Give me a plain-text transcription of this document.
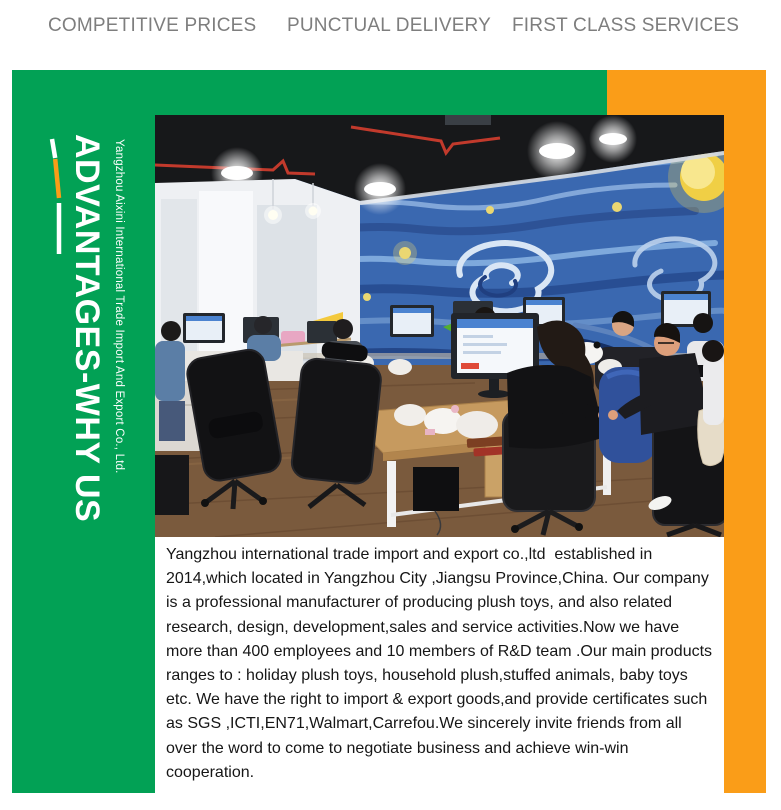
COMPETITIVE PRICES PUNCTUAL DELIVERY FIRST CLASS SERVICES
ADVANTAGES-WHY US Yangzhou Aixini International Trade Import And Export Co., Ltd.
Yangzhou international trade import and export co.,ltd  established in
2014,which located in Yangzhou City ,Jiangsu Province,China. Our company
is a professional manufacturer of producing plush toys, and also related
research, design, development,sales and service activities.Now we have
more than 400 employees and 10 members of R&D team .Our main products
ranges to : holiday plush toys, household plush,stuffed animals, baby toys
etc. We have the right to import & export goods,and provide certificates such
as SGS ,ICTI,EN71,Walmart,Carrefou.We sincerely invite friends from all
over the word to come to negotiate business and achieve win-win
cooperation.
